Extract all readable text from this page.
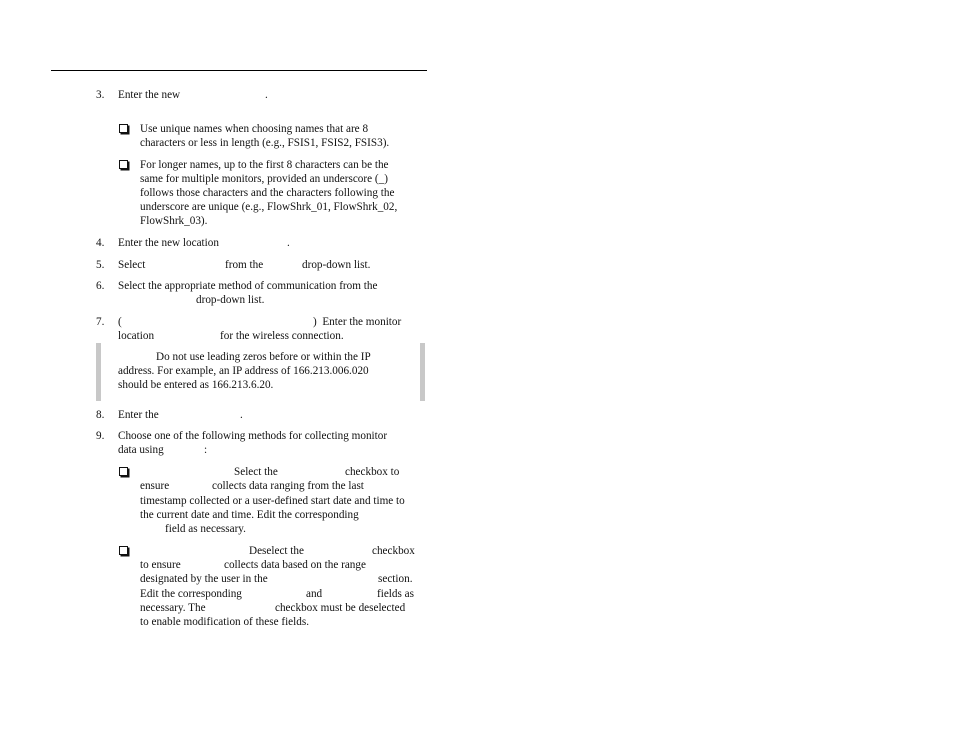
3. Enter the new	.
Use unique names when choosing names that are 8
characters or less in length (e.g., FSIS1, FSIS2, FSIS3).
For longer names, up to the first 8 characters can be the
same for multiple monitors, provided an underscore (_)
follows those characters and the characters following the
underscore are unique (e.g., FlowShrk_01, FlowShrk_02,
FlowShrk_03).
4. Enter the new location	.
5. Select	from the	drop-down list.
6. Select the appropriate method of communication from the
drop-down list.
7. (	)  Enter the monitor
location	for the wireless connection.
Do not use leading zeros before or within the IP
address. For example, an IP address of 166.213.006.020
should be entered as 166.213.6.20.
8. Enter the	.
9. Choose one of the following methods for collecting monitor
data using	:
Select the	checkbox to
ensure	collects data ranging from the last
timestamp collected or a user-defined start date and time to
the current date and time. Edit the corresponding
field as necessary.
Deselect the	checkbox
to ensure	collects data based on the range
designated by the user in the	section.
Edit the corresponding	and	fields as
necessary. The	checkbox must be deselected
to enable modification of these fields.
